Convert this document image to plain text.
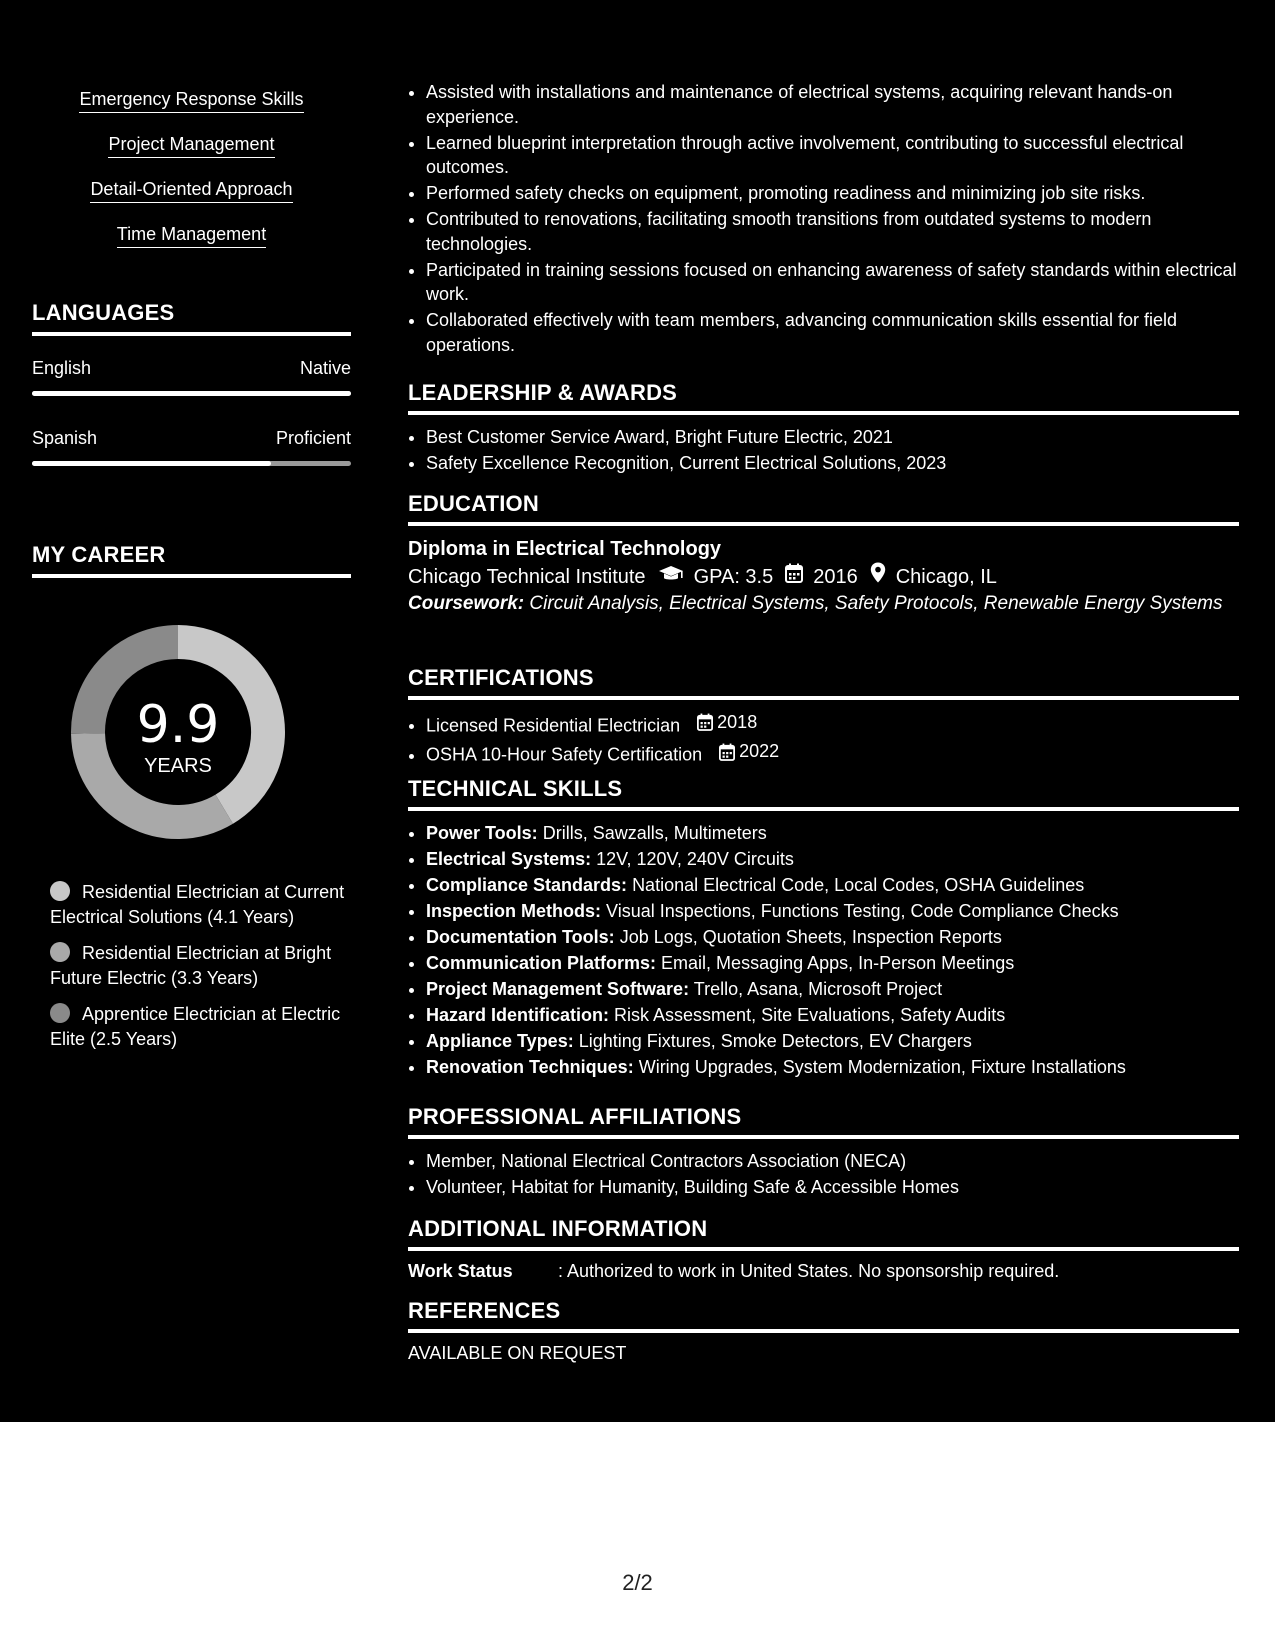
Emergency Response Skills
Project Management
Detail-Oriented Approach
Time Management
LANGUAGES
English	Native
Spanish	Proficient
MY CAREER
9.9
YEARS
Residential Electrician at Current Electrical Solutions (4.1 Years)
Residential Electrician at Bright Future Electric (3.3 Years)
Apprentice Electrician at Electric Elite (2.5 Years)
• Assisted with installations and maintenance of electrical systems, acquiring relevant hands-on experience.
• Learned blueprint interpretation through active involvement, contributing to successful electrical outcomes.
• Performed safety checks on equipment, promoting readiness and minimizing job site risks.
• Contributed to renovations, facilitating smooth transitions from outdated systems to modern technologies.
• Participated in training sessions focused on enhancing awareness of safety standards within electrical work.
• Collaborated effectively with team members, advancing communication skills essential for field operations.
LEADERSHIP & AWARDS
• Best Customer Service Award, Bright Future Electric, 2021
• Safety Excellence Recognition, Current Electrical Solutions, 2023
EDUCATION
Diploma in Electrical Technology
Chicago Technical Institute GPA: 3.5 2016 Chicago, IL
Coursework: Circuit Analysis, Electrical Systems, Safety Protocols, Renewable Energy Systems
CERTIFICATIONS
• Licensed Residential Electrician 2018
• OSHA 10-Hour Safety Certification 2022
TECHNICAL SKILLS
• Power Tools: Drills, Sawzalls, Multimeters
• Electrical Systems: 12V, 120V, 240V Circuits
• Compliance Standards: National Electrical Code, Local Codes, OSHA Guidelines
• Inspection Methods: Visual Inspections, Functions Testing, Code Compliance Checks
• Documentation Tools: Job Logs, Quotation Sheets, Inspection Reports
• Communication Platforms: Email, Messaging Apps, In-Person Meetings
• Project Management Software: Trello, Asana, Microsoft Project
• Hazard Identification: Risk Assessment, Site Evaluations, Safety Audits
• Appliance Types: Lighting Fixtures, Smoke Detectors, EV Chargers
• Renovation Techniques: Wiring Upgrades, System Modernization, Fixture Installations
PROFESSIONAL AFFILIATIONS
• Member, National Electrical Contractors Association (NECA)
• Volunteer, Habitat for Humanity, Building Safe & Accessible Homes
ADDITIONAL INFORMATION
Work Status	: Authorized to work in United States. No sponsorship required.
REFERENCES
AVAILABLE ON REQUEST
2/2
